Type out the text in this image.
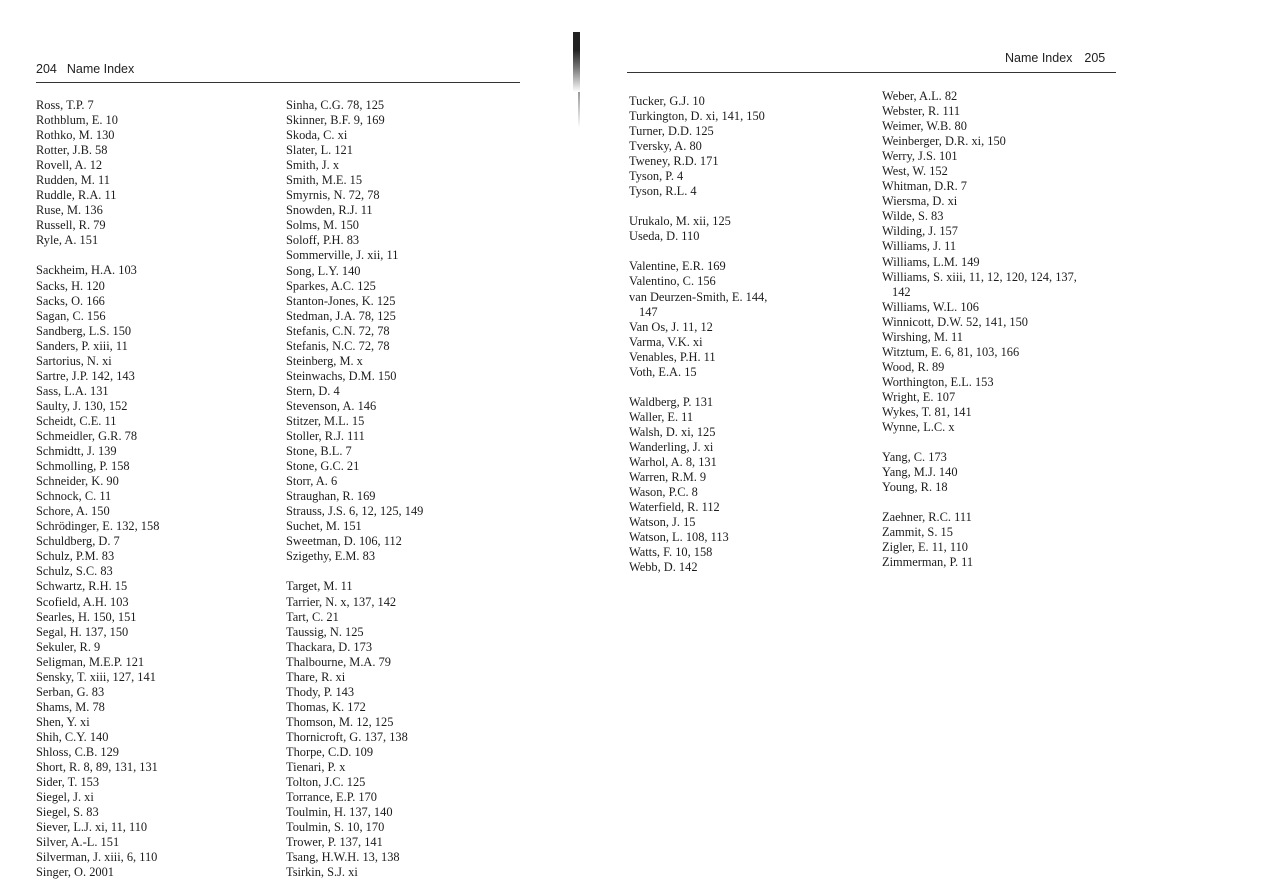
204 Name Index
Name Index 205
Ross, T.P. 7
Rothblum, E. 10
Rothko, M. 130
Rotter, J.B. 58
Rovell, A. 12
Rudden, M. 11
Ruddle, R.A. 11
Ruse, M. 136
Russell, R. 79
Ryle, A. 151
Sackheim, H.A. 103
Sacks, H. 120
Sacks, O. 166
Sagan, C. 156
Sandberg, L.S. 150
Sanders, P. xiii, 11
Sartorius, N. xi
Sartre, J.P. 142, 143
Sass, L.A. 131
Saulty, J. 130, 152
Scheidt, C.E. 11
Schmeidler, G.R. 78
Schmidtt, J. 139
Schmolling, P. 158
Schneider, K. 90
Schnock, C. 11
Schore, A. 150
Schrödinger, E. 132, 158
Schuldberg, D. 7
Schulz, P.M. 83
Schulz, S.C. 83
Schwartz, R.H. 15
Scofield, A.H. 103
Searles, H. 150, 151
Segal, H. 137, 150
Sekuler, R. 9
Seligman, M.E.P. 121
Sensky, T. xiii, 127, 141
Serban, G. 83
Shams, M. 78
Shen, Y. xi
Shih, C.Y. 140
Shloss, C.B. 129
Short, R. 8, 89, 131, 131
Sider, T. 153
Siegel, J. xi
Siegel, S. 83
Siever, L.J. xi, 11, 110
Silver, A.-L. 151
Silverman, J. xiii, 6, 110
Singer, O. 2001
Sinha, C.G. 78, 125
Skinner, B.F. 9, 169
Skoda, C. xi
Slater, L. 121
Smith, J. x
Smith, M.E. 15
Smyrnis, N. 72, 78
Snowden, R.J. 11
Solms, M. 150
Soloff, P.H. 83
Sommerville, J. xii, 11
Song, L.Y. 140
Sparkes, A.C. 125
Stanton-Jones, K. 125
Stedman, J.A. 78, 125
Stefanis, C.N. 72, 78
Stefanis, N.C. 72, 78
Steinberg, M. x
Steinwachs, D.M. 150
Stern, D. 4
Stevenson, A. 146
Stitzer, M.L. 15
Stoller, R.J. 111
Stone, B.L. 7
Stone, G.C. 21
Storr, A. 6
Straughan, R. 169
Strauss, J.S. 6, 12, 125, 149
Suchet, M. 151
Sweetman, D. 106, 112
Szigethy, E.M. 83
Target, M. 11
Tarrier, N. x, 137, 142
Tart, C. 21
Taussig, N. 125
Thackara, D. 173
Thalbourne, M.A. 79
Thare, R. xi
Thody, P. 143
Thomas, K. 172
Thomson, M. 12, 125
Thornicroft, G. 137, 138
Thorpe, C.D. 109
Tienari, P. x
Tolton, J.C. 125
Torrance, E.P. 170
Toulmin, H. 137, 140
Toulmin, S. 10, 170
Trower, P. 137, 141
Tsang, H.W.H. 13, 138
Tsirkin, S.J. xi
Tucker, G.J. 10
Turkington, D. xi, 141, 150
Turner, D.D. 125
Tversky, A. 80
Tweney, R.D. 171
Tyson, P. 4
Tyson, R.L. 4
Urukalo, M. xii, 125
Useda, D. 110
Valentine, E.R. 169
Valentino, C. 156
van Deurzen-Smith, E. 144,
147
Van Os, J. 11, 12
Varma, V.K. xi
Venables, P.H. 11
Voth, E.A. 15
Waldberg, P. 131
Waller, E. 11
Walsh, D. xi, 125
Wanderling, J. xi
Warhol, A. 8, 131
Warren, R.M. 9
Wason, P.C. 8
Waterfield, R. 112
Watson, J. 15
Watson, L. 108, 113
Watts, F. 10, 158
Webb, D. 142
Weber, A.L. 82
Webster, R. 111
Weimer, W.B. 80
Weinberger, D.R. xi, 150
Werry, J.S. 101
West, W. 152
Whitman, D.R. 7
Wiersma, D. xi
Wilde, S. 83
Wilding, J. 157
Williams, J. 11
Williams, L.M. 149
Williams, S. xiii, 11, 12, 120, 124, 137,
142
Williams, W.L. 106
Winnicott, D.W. 52, 141, 150
Wirshing, M. 11
Witztum, E. 6, 81, 103, 166
Wood, R. 89
Worthington, E.L. 153
Wright, E. 107
Wykes, T. 81, 141
Wynne, L.C. x
Yang, C. 173
Yang, M.J. 140
Young, R. 18
Zaehner, R.C. 111
Zammit, S. 15
Zigler, E. 11, 110
Zimmerman, P. 11
